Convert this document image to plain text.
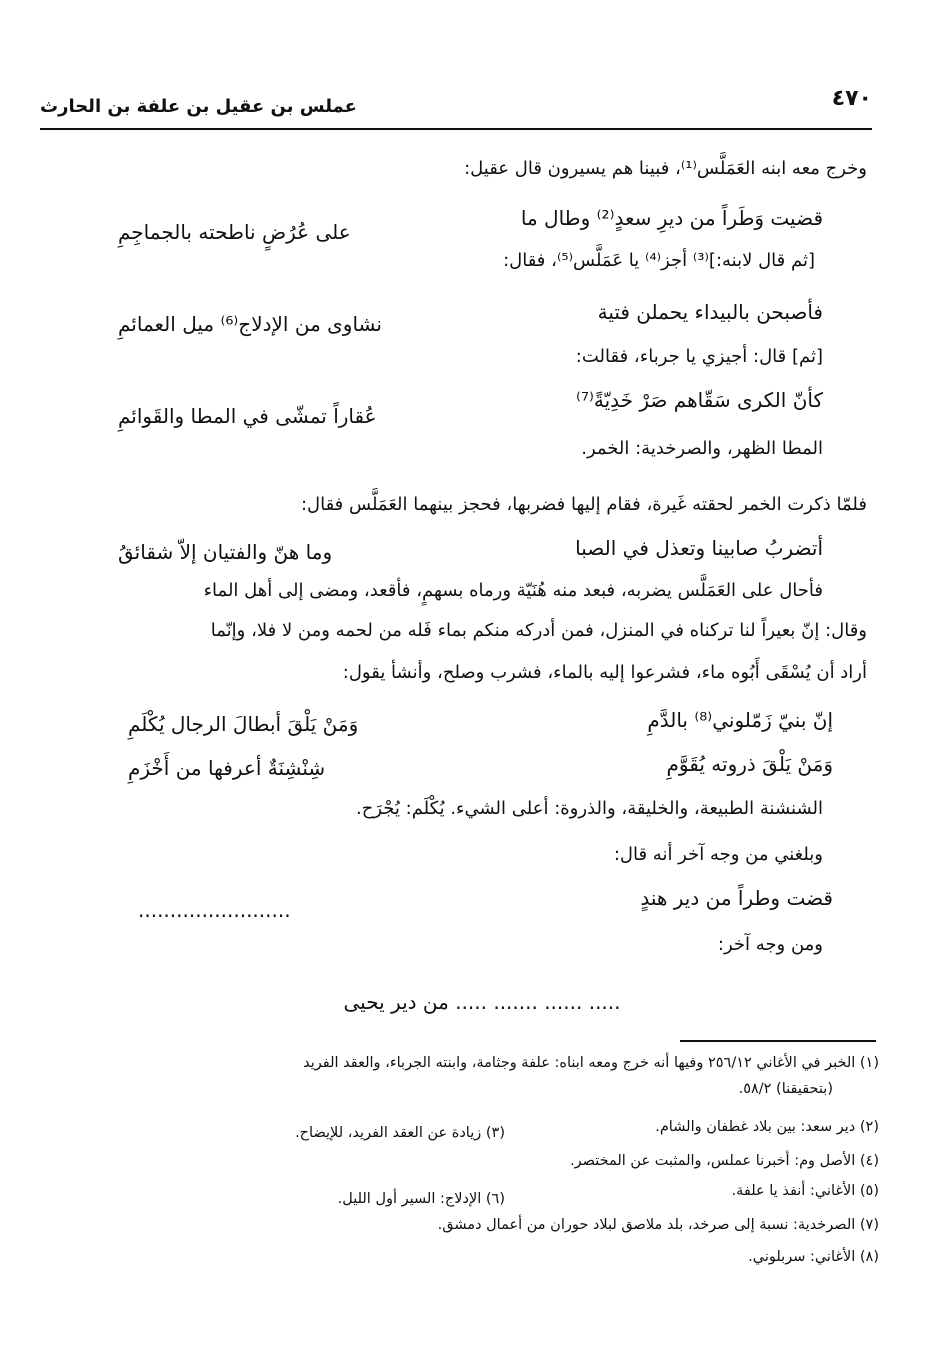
٤٧٠
عملس بن عقيل بن علفة بن الحارث
وخرج معه ابنه العَمَلَّس⁽¹⁾، فبينا هم يسيرون قال عقيل:
قضيت وَطَراً من ديرِ سعدٍ⁽²⁾ وطال ما
على عُرُضٍ ناطحته بالجماجِمِ
[ثم قال لابنه:]⁽³⁾ أجز⁽⁴⁾ يا عَمَلَّس⁽⁵⁾، فقال:
فأصبحن بالبيداء يحملن فتية
نشاوى من الإدلاج⁽⁶⁾ ميل العمائمِ
[ثم] قال: أجيزي يا جرباء، فقالت:
كأنّ الكرى سَقّاهم صَرْ خَدِيّةً⁽⁷⁾
عُقاراً تمشّى في المطا والقَوائمِ
المطا الظهر، والصرخدية: الخمر.
فلمّا ذكرت الخمر لحقته غَيرة، فقام إليها فضربها، فحجز بينهما العَمَلَّس فقال:
أتضربُ صابينا وتعذل في الصبا
وما هنّ والفتيان إلاّ شقائقُ
فأحال على العَمَلَّس يضربه، فبعد منه هُنَيّة ورماه بسهمٍ، فأقعد، ومضى إلى أهل الماء
وقال: إنّ بعيراً لنا تركناه في المنزل، فمن أدركه منكم بماء فَله من لحمه ومن لا فلا، وإنّما
أراد أن يُسْقَى أَبُوه ماء، فشرعوا إليه بالماء، فشرب وصلح، وأنشأ يقول:
إنّ بنيّ زَمّلوني⁽⁸⁾ بالدَّمِ
وَمَنْ يَلْقَ أبطالَ الرجال يُكْلَمِ
وَمَنْ يَلْقَ ذروته يُقَوَّمِ
شِنْشِنَةٌ أعرفها من أَخْزَمِ
الشنشنة الطبيعة، والخليقة، والذروة: أعلى الشيء. يُكْلَم: يُجْرَح.
وبلغني من وجه آخر أنه قال:
قضت وطراً من دير هندٍ
........................
ومن وجه آخر:
..... ...... ....... ..... من دير يحيى
(١) الخبر في الأغاني ٢٥٦/١٢ وفيها أنه خرج ومعه ابناه: علفة وجثامة، وابنته الجرباء، والعقد الفريد
(بتحقيقنا) ٥٨/٢.
(٢) دير سعد: بين بلاد غطفان والشام.
(٣) زيادة عن العقد الفريد، للإيضاح.
(٤) الأصل وم: أخبرنا عملس، والمثبت عن المختصر.
(٥) الأغاني: أنفذ يا علفة.
(٦) الإدلاج: السير أول الليل.
(٧) الصرخدية: نسبة إلى صرخد، بلد ملاصق لبلاد حوران من أعمال دمشق.
(٨) الأغاني: سربلوني.
